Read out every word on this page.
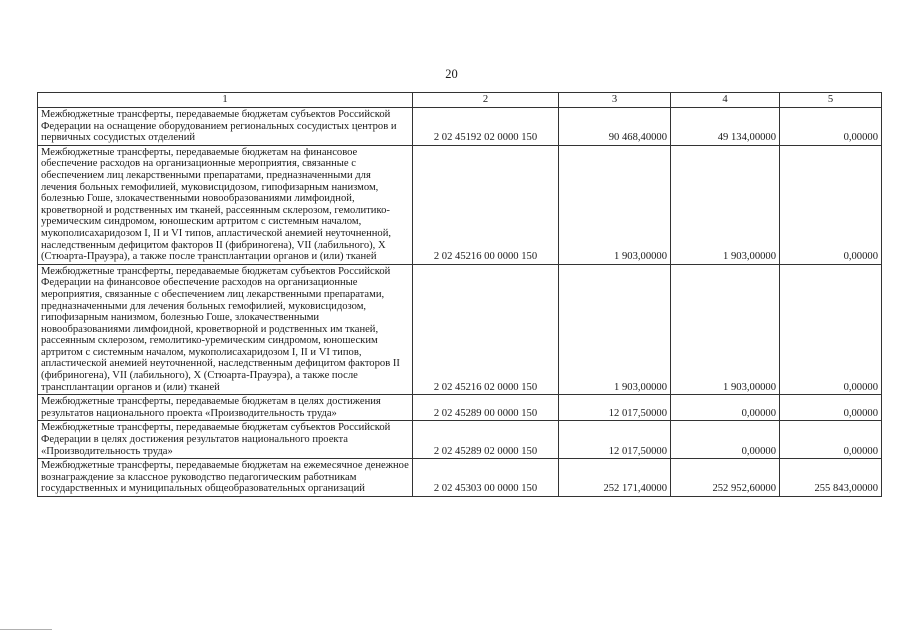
20
1	2	3	4	5
Межбюджетные трансферты, передаваемые бюджетам субъектов Российской Федерации на оснащение оборудованием региональных сосудистых центров и первичных сосудистых отделений	2 02 45192 02 0000 150	90 468,40000	49 134,00000	0,00000
Межбюджетные трансферты, передаваемые бюджетам на финансовое обеспечение расходов на организационные мероприятия, связанные с обеспечением лиц лекарственными препаратами, предназначенными для лечения больных гемофилией, муковисцидозом, гипофизарным нанизмом, болезнью Гоше, злокачественными новообразованиями лимфоидной, кроветворной и родственных им тканей, рассеянным склерозом, гемолитико-уремическим синдромом, юношеским артритом с системным началом, мукополисахаридозом I, II и VI типов, апластической анемией неуточненной, наследственным дефицитом факторов II (фибриногена), VII (лабильного), X (Стюарта-Прауэра), а также после трансплантации органов и (или) тканей	2 02 45216 00 0000 150	1 903,00000	1 903,00000	0,00000
Межбюджетные трансферты, передаваемые бюджетам субъектов Российской Федерации на финансовое обеспечение расходов на организационные мероприятия, связанные с обеспечением лиц лекарственными препаратами, предназначенными для лечения больных гемофилией, муковисцидозом, гипофизарным нанизмом, болезнью Гоше, злокачественными новообразованиями лимфоидной, кроветворной и родственных им тканей, рассеянным склерозом, гемолитико-уремическим синдромом, юношеским артритом с системным началом, мукополисахаридозом I, II и VI типов, апластической анемией неуточненной, наследственным дефицитом факторов II (фибриногена), VII (лабильного), X (Стюарта-Прауэра), а также после трансплантации органов и (или) тканей	2 02 45216 02 0000 150	1 903,00000	1 903,00000	0,00000
Межбюджетные трансферты, передаваемые бюджетам в целях достижения результатов национального проекта «Производительность труда»	2 02 45289 00 0000 150	12 017,50000	0,00000	0,00000
Межбюджетные трансферты, передаваемые бюджетам субъектов Российской Федерации в целях достижения результатов национального проекта «Производительность труда»	2 02 45289 02 0000 150	12 017,50000	0,00000	0,00000
Межбюджетные трансферты, передаваемые бюджетам на ежемесячное денежное вознаграждение за классное руководство педагогическим работникам государственных и муниципальных общеобразовательных организаций	2 02 45303 00 0000 150	252 171,40000	252 952,60000	255 843,00000
